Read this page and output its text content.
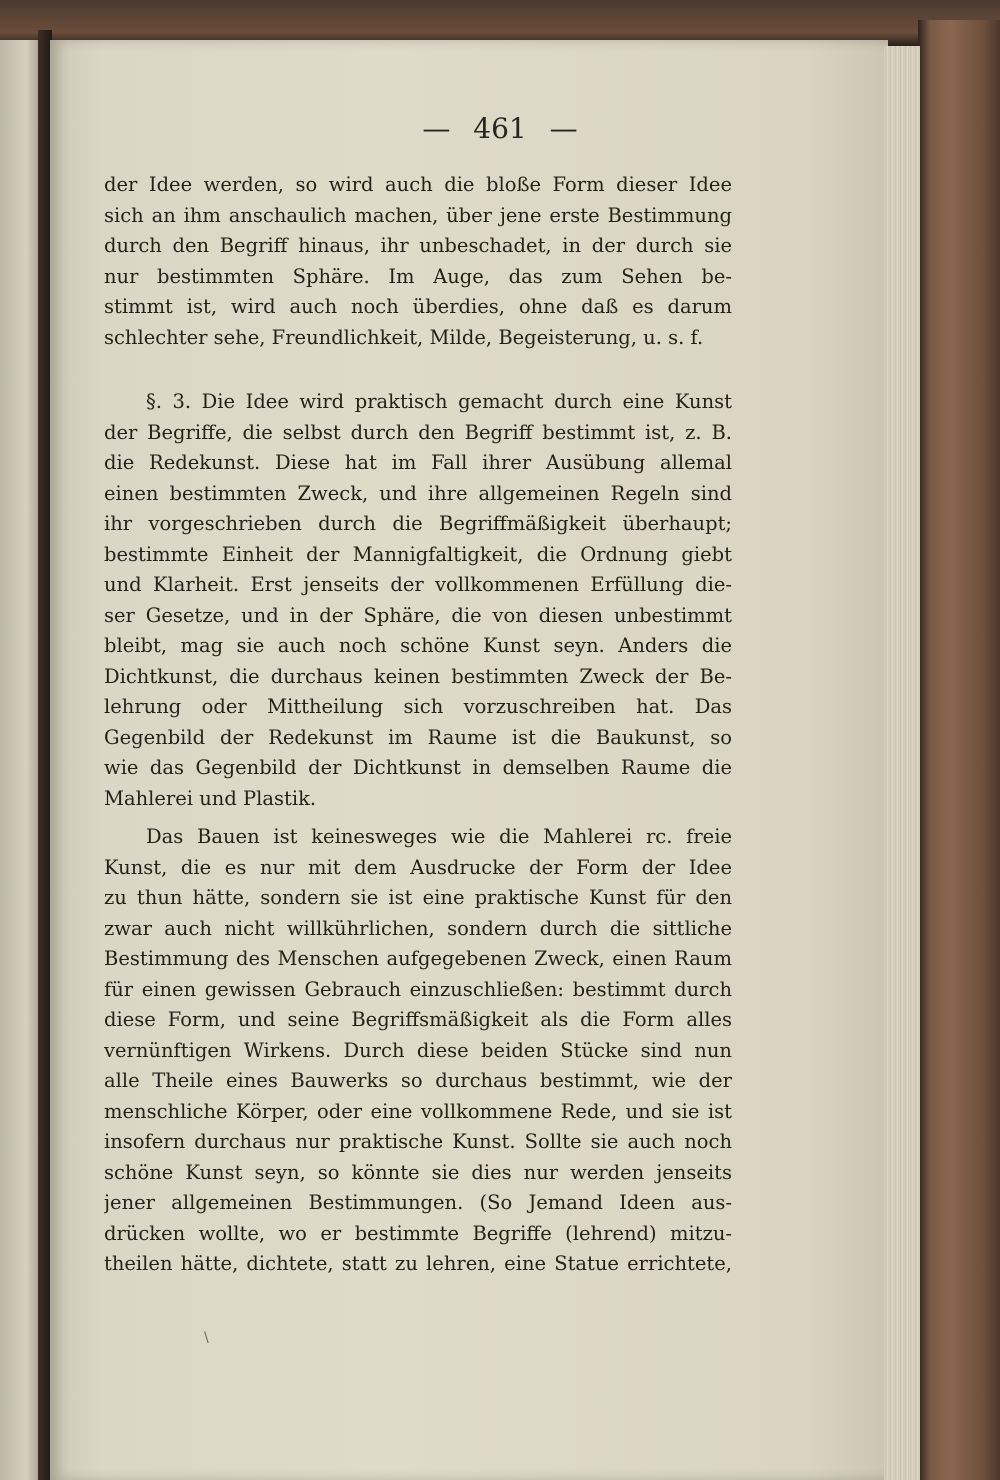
— 461 —
der Idee werden, so wird auch die bloße Form dieser Idee
sich an ihm anschaulich machen, über jene erste Bestimmung
durch den Begriff hinaus, ihr unbeschadet, in der durch sie
nur bestimmten Sphäre. Im Auge, das zum Sehen be-
stimmt ist, wird auch noch überdies, ohne daß es darum
schlechter sehe, Freundlichkeit, Milde, Begeisterung, u. s. f.
§. 3. Die Idee wird praktisch gemacht durch eine Kunst
der Begriffe, die selbst durch den Begriff bestimmt ist, z. B.
die Redekunst. Diese hat im Fall ihrer Ausübung allemal
einen bestimmten Zweck, und ihre allgemeinen Regeln sind
ihr vorgeschrieben durch die Begriffmäßigkeit überhaupt;
bestimmte Einheit der Mannigfaltigkeit, die Ordnung giebt
und Klarheit. Erst jenseits der vollkommenen Erfüllung die-
ser Gesetze, und in der Sphäre, die von diesen unbestimmt
bleibt, mag sie auch noch schöne Kunst seyn. Anders die
Dichtkunst, die durchaus keinen bestimmten Zweck der Be-
lehrung oder Mittheilung sich vorzuschreiben hat. Das
Gegenbild der Redekunst im Raume ist die Baukunst, so
wie das Gegenbild der Dichtkunst in demselben Raume die
Mahlerei und Plastik.
Das Bauen ist keinesweges wie die Mahlerei rc. freie
Kunst, die es nur mit dem Ausdrucke der Form der Idee
zu thun hätte, sondern sie ist eine praktische Kunst für den
zwar auch nicht willkührlichen, sondern durch die sittliche
Bestimmung des Menschen aufgegebenen Zweck, einen Raum
für einen gewissen Gebrauch einzuschließen: bestimmt durch
diese Form, und seine Begriffsmäßigkeit als die Form alles
vernünftigen Wirkens. Durch diese beiden Stücke sind nun
alle Theile eines Bauwerks so durchaus bestimmt, wie der
menschliche Körper, oder eine vollkommene Rede, und sie ist
insofern durchaus nur praktische Kunst. Sollte sie auch noch
schöne Kunst seyn, so könnte sie dies nur werden jenseits
jener allgemeinen Bestimmungen. (So Jemand Ideen aus-
drücken wollte, wo er bestimmte Begriffe (lehrend) mitzu-
theilen hätte, dichtete, statt zu lehren, eine Statue errichtete,
\
